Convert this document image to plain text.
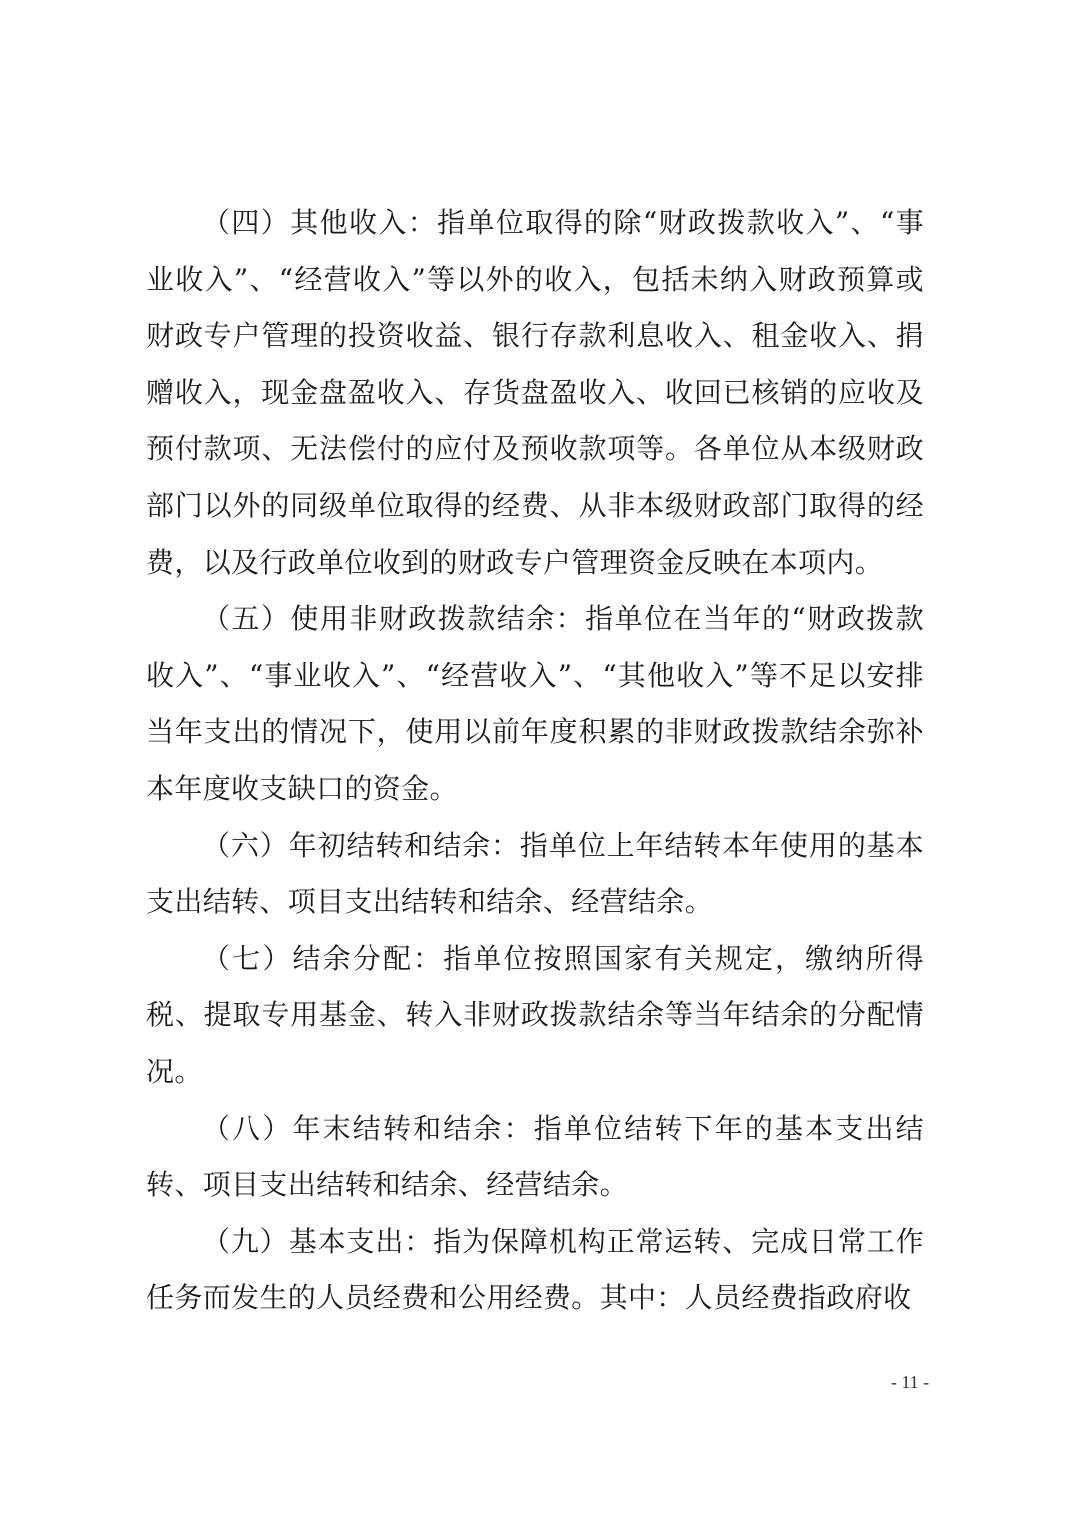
（四）其他收入：指单位取得的除“财政拨款收入”、“事业收入”、“经营收入”等以外的收入，包括未纳入财政预算或财政专户管理的投资收益、银行存款利息收入、租金收入、捐赠收入，现金盘盈收入、存货盘盈收入、收回已核销的应收及预付款项、无法偿付的应付及预收款项等。各单位从本级财政部门以外的同级单位取得的经费、从非本级财政部门取得的经费，以及行政单位收到的财政专户管理资金反映在本项内。

（五）使用非财政拨款结余：指单位在当年的“财政拨款收入”、“事业收入”、“经营收入”、“其他收入”等不足以安排当年支出的情况下，使用以前年度积累的非财政拨款结余弥补本年度收支缺口的资金。

（六）年初结转和结余：指单位上年结转本年使用的基本支出结转、项目支出结转和结余、经营结余。

（七）结余分配：指单位按照国家有关规定，缴纳所得税、提取专用基金、转入非财政拨款结余等当年结余的分配情况。

（八）年末结转和结余：指单位结转下年的基本支出结转、项目支出结转和结余、经营结余。

（九）基本支出：指为保障机构正常运转、完成日常工作任务而发生的人员经费和公用经费。其中：人员经费指政府收

- 11 -
